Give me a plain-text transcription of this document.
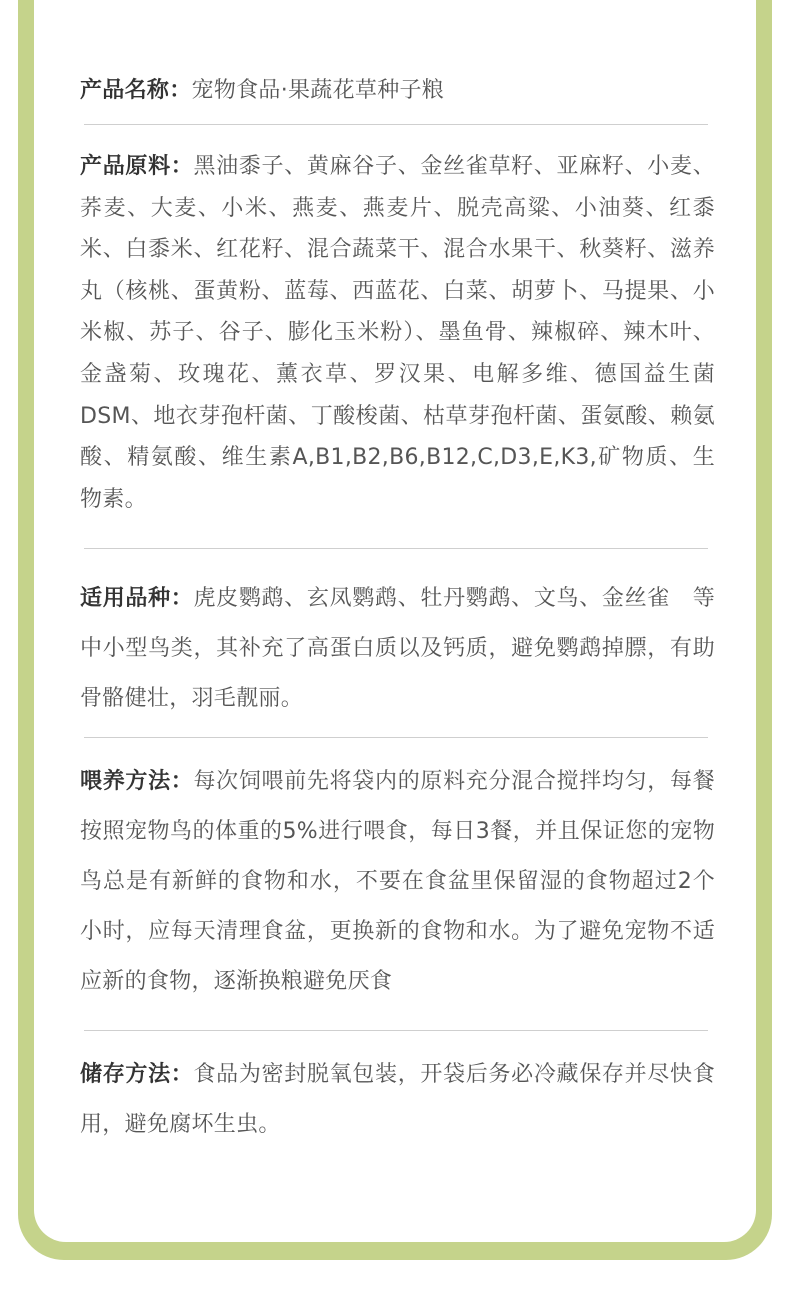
产品名称：宠物食品·果蔬花草种子粮

产品原料：黑油黍子、黄麻谷子、金丝雀草籽、亚麻籽、小麦、荞麦、大麦、小米、燕麦、燕麦片、脱壳高粱、小油葵、红黍米、白黍米、红花籽、混合蔬菜干、混合水果干、秋葵籽、滋养丸（核桃、蛋黄粉、蓝莓、西蓝花、白菜、胡萝卜、马提果、小米椒、苏子、谷子、膨化玉米粉）、墨鱼骨、辣椒碎、辣木叶、金盏菊、玫瑰花、薰衣草、罗汉果、电解多维、德国益生菌DSM、地衣芽孢杆菌、丁酸梭菌、枯草芽孢杆菌、蛋氨酸、赖氨酸、精氨酸、维生素A,B1,B2,B6,B12,C,D3,E,K3,矿物质、生物素。

适用品种：虎皮鹦鹉、玄凤鹦鹉、牡丹鹦鹉、文鸟、金丝雀　等中小型鸟类，其补充了高蛋白质以及钙质，避免鹦鹉掉膘，有助骨骼健壮，羽毛靓丽。

喂养方法：每次饲喂前先将袋内的原料充分混合搅拌均匀，每餐按照宠物鸟的体重的5%进行喂食，每日3餐，并且保证您的宠物鸟总是有新鲜的食物和水，不要在食盆里保留湿的食物超过2个小时，应每天清理食盆，更换新的食物和水。为了避免宠物不适应新的食物，逐渐换粮避免厌食

储存方法：食品为密封脱氧包装，开袋后务必冷藏保存并尽快食用，避免腐坏生虫。
